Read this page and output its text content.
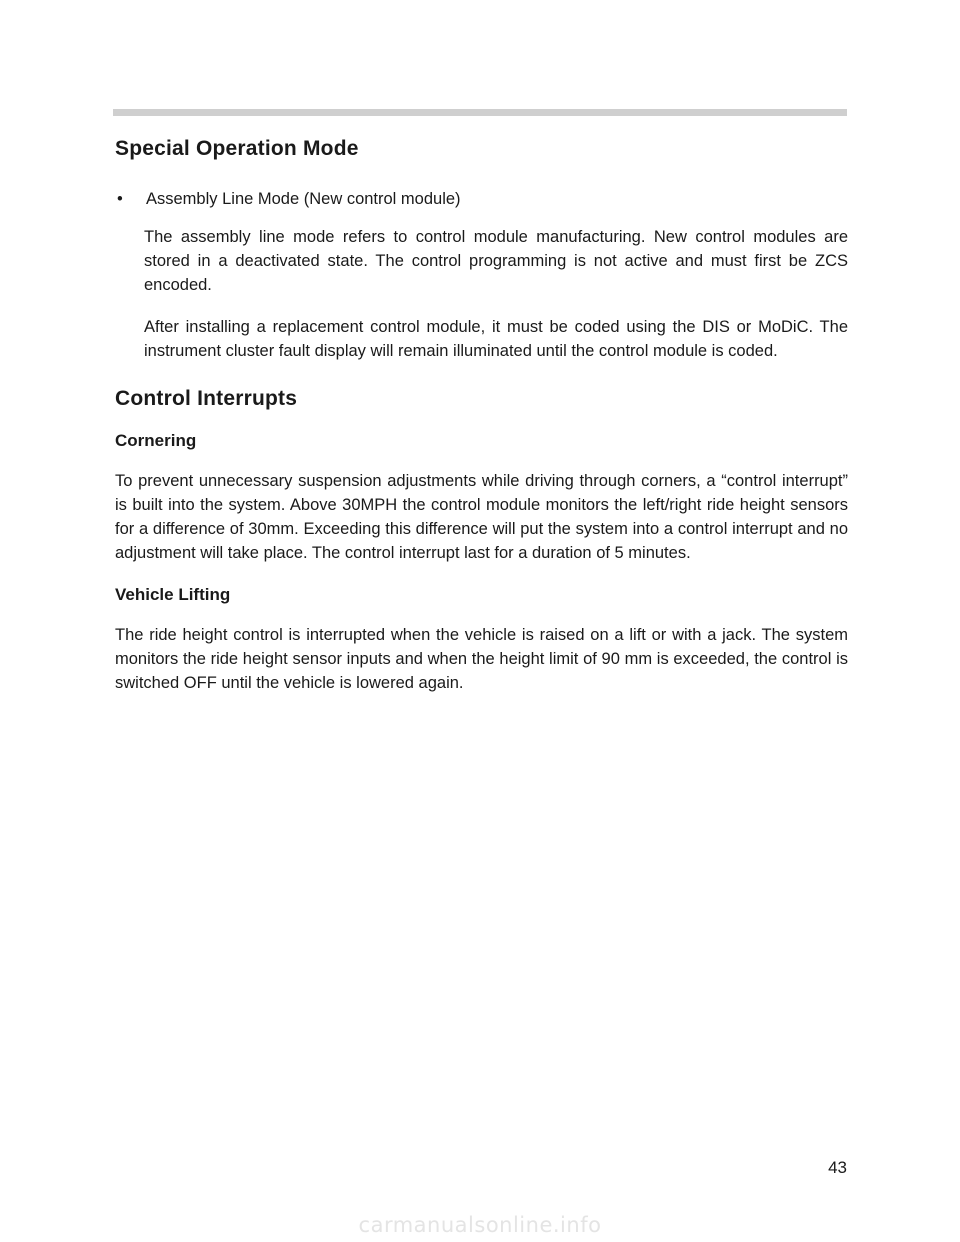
Special Operation Mode
•	Assembly Line Mode (New control module)

The assembly line mode refers to control module manufacturing. New control modules are stored in a deactivated state. The control programming is not active and must first be ZCS encoded.

After installing a replacement control module, it must be coded using the DIS or MoDiC. The instrument cluster fault display will remain illuminated until the control module is coded.

Control Interrupts
Cornering

To prevent unnecessary suspension adjustments while driving through corners, a “control interrupt” is built into the system. Above 30MPH the control module monitors the left/right ride height sensors for a difference of 30mm. Exceeding this difference will put the system into a control interrupt and no adjustment will take place. The control interrupt last for a duration of 5 minutes.

Vehicle Lifting

The ride height control is interrupted when the vehicle is raised on a lift or with a jack. The system monitors the ride height sensor inputs and when the height limit of 90 mm is exceeded, the control is switched OFF until the vehicle is lowered again.

43
carmanualsonline.info
